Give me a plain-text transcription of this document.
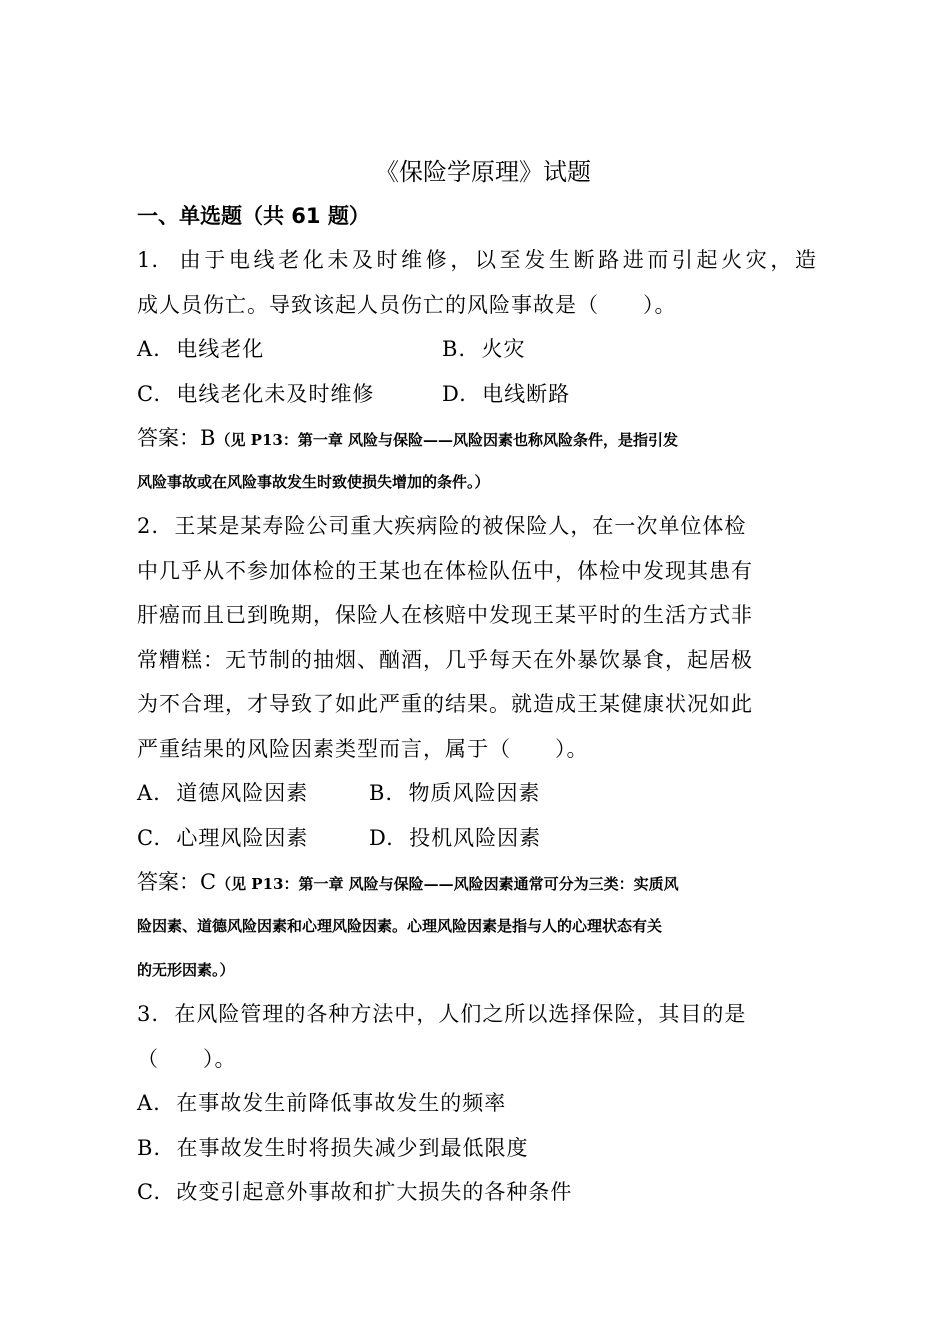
《保险学原理》试题
一、单选题（共 61 题）
1. 由于电线老化未及时维修，以至发生断路进而引起火灾，造
成人员伤亡。导致该起人员伤亡的风险事故是（　　）。
A. 电线老化	B. 火灾
C. 电线老化未及时维修	D. 电线断路
答案：B（见 P13：第一章 风险与保险——风险因素也称风险条件，是指引发
风险事故或在风险事故发生时致使损失增加的条件。）
2. 王某是某寿险公司重大疾病险的被保险人，在一次单位体检
中几乎从不参加体检的王某也在体检队伍中，体检中发现其患有
肝癌而且已到晚期，保险人在核赔中发现王某平时的生活方式非
常糟糕：无节制的抽烟、酗酒，几乎每天在外暴饮暴食，起居极
为不合理，才导致了如此严重的结果。就造成王某健康状况如此
严重结果的风险因素类型而言，属于（　　）。
A. 道德风险因素	B. 物质风险因素
C. 心理风险因素	D. 投机风险因素
答案：C（见 P13：第一章 风险与保险——风险因素通常可分为三类：实质风
险因素、道德风险因素和心理风险因素。心理风险因素是指与人的心理状态有关
的无形因素。）
3. 在风险管理的各种方法中，人们之所以选择保险，其目的是
（　　）。
A. 在事故发生前降低事故发生的频率
B. 在事故发生时将损失减少到最低限度
C. 改变引起意外事故和扩大损失的各种条件
